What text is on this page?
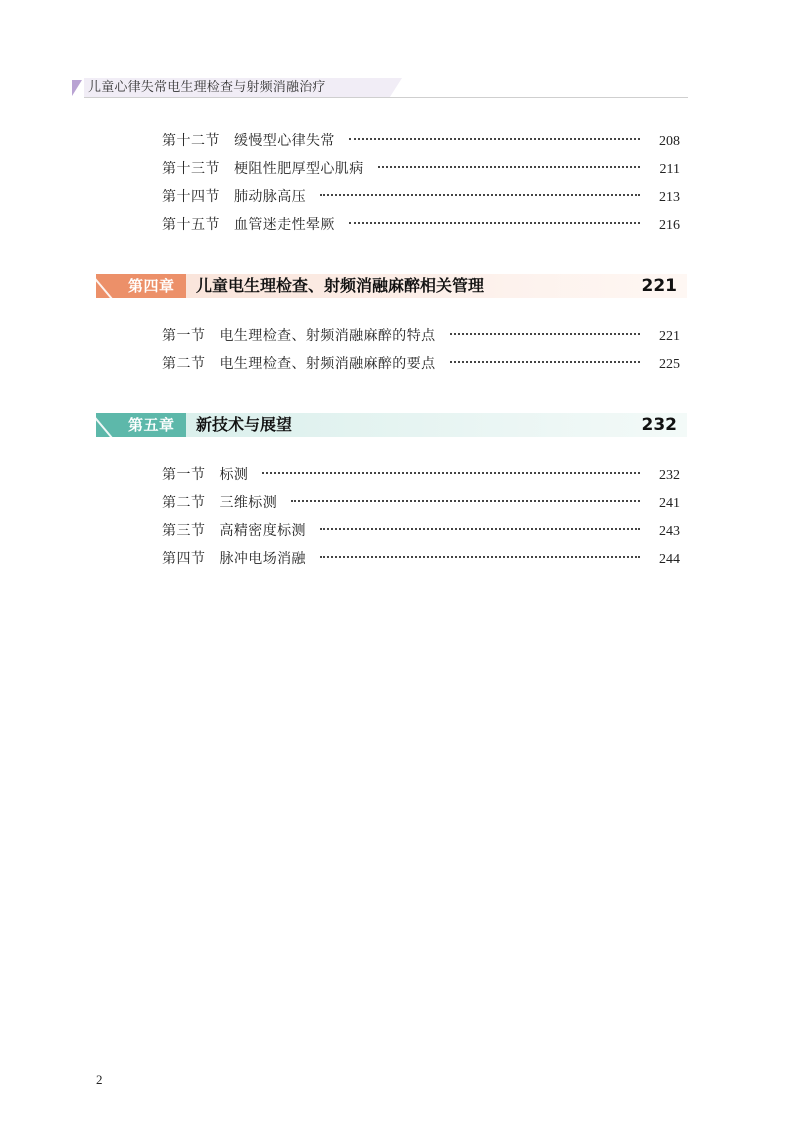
儿童心律失常电生理检查与射频消融治疗
第十二节 缓慢型心律失常	208
第十三节 梗阻性肥厚型心肌病	211
第十四节 肺动脉高压	213
第十五节 血管迷走性晕厥	216
第四章 儿童电生理检查、射频消融麻醉相关管理	221
第一节 电生理检查、射频消融麻醉的特点	221
第二节 电生理检查、射频消融麻醉的要点	225
第五章 新技术与展望	232
第一节 标测	232
第二节 三维标测	241
第三节 高精密度标测	243
第四节 脉冲电场消融	244
2
